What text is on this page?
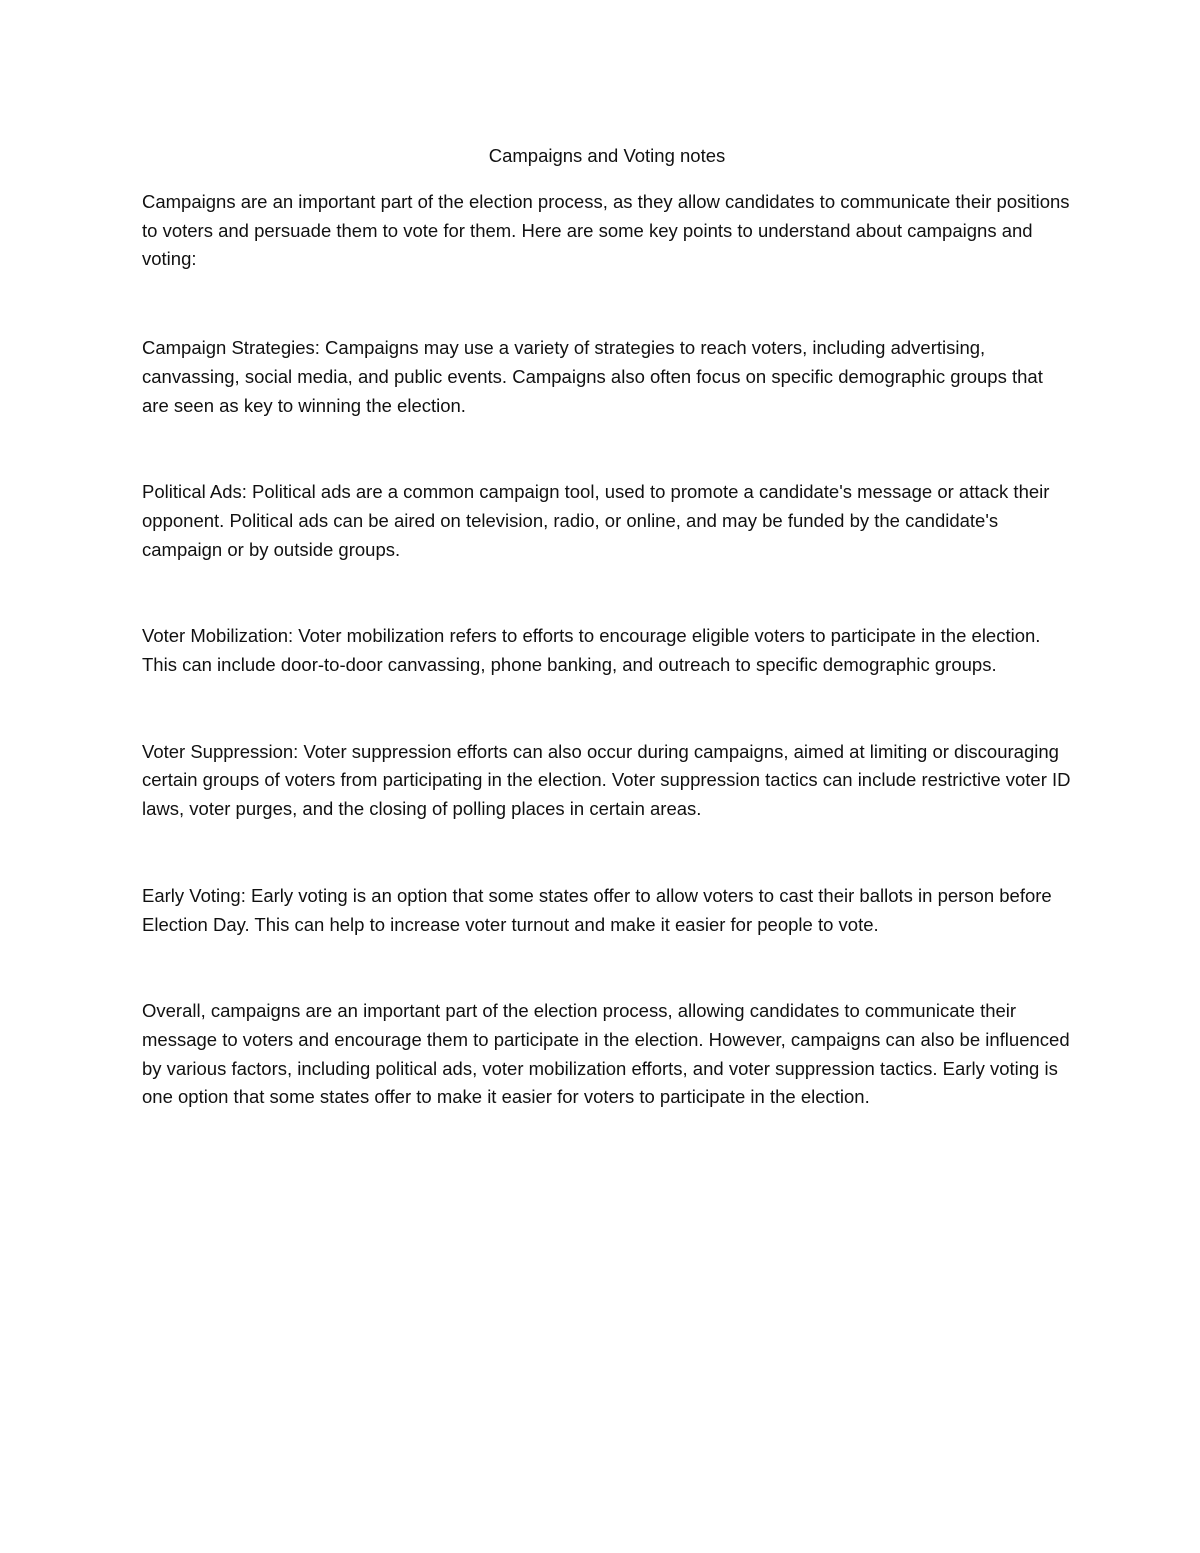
Campaigns and Voting notes

Campaigns are an important part of the election process, as they allow candidates to communicate their positions to voters and persuade them to vote for them. Here are some key points to understand about campaigns and voting:

Campaign Strategies: Campaigns may use a variety of strategies to reach voters, including advertising, canvassing, social media, and public events. Campaigns also often focus on specific demographic groups that are seen as key to winning the election.

Political Ads: Political ads are a common campaign tool, used to promote a candidate's message or attack their opponent. Political ads can be aired on television, radio, or online, and may be funded by the candidate's campaign or by outside groups.

Voter Mobilization: Voter mobilization refers to efforts to encourage eligible voters to participate in the election. This can include door-to-door canvassing, phone banking, and outreach to specific demographic groups.

Voter Suppression: Voter suppression efforts can also occur during campaigns, aimed at limiting or discouraging certain groups of voters from participating in the election. Voter suppression tactics can include restrictive voter ID laws, voter purges, and the closing of polling places in certain areas.

Early Voting: Early voting is an option that some states offer to allow voters to cast their ballots in person before Election Day. This can help to increase voter turnout and make it easier for people to vote.

Overall, campaigns are an important part of the election process, allowing candidates to communicate their message to voters and encourage them to participate in the election. However, campaigns can also be influenced by various factors, including political ads, voter mobilization efforts, and voter suppression tactics. Early voting is one option that some states offer to make it easier for voters to participate in the election.
